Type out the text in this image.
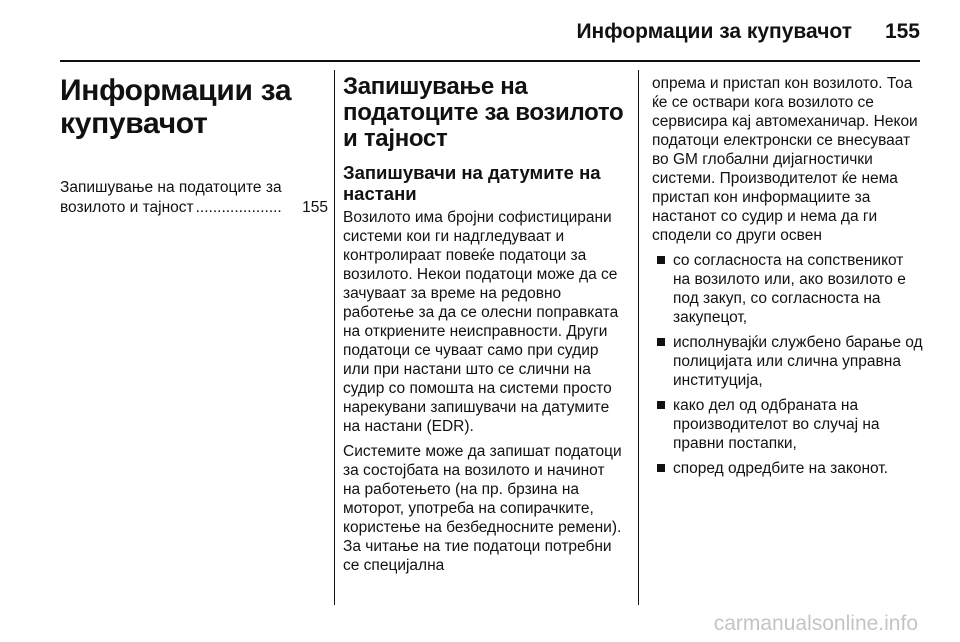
Информации за купувачот 155
Информации за купувачот
Запишување на податоците за
возилото и тајност ....................	155
Запишување на податоците за возилото и тајност
Запишувачи на датумите на настани

Возилото има бројни софистицирани системи кои ги надгледуваат и контролираат повеќе податоци за возилото. Некои податоци може да се зачуваат за време на редовно работење за да се олесни поправката на откриените неисправности. Други податоци се чуваат само при судир или при настани што се слични на судир со помошта на системи просто нарекувани запишувачи на датумите на настани (EDR).

Системите може да запишат податоци за состојбата на возилото и начинот на работењето (на пр. брзина на моторот, употреба на сопирачките, користење на безбедносните ремени). За читање на тие податоци потребни се специјална

опрема и пристап кон возилото. Тоа ќе се оствари кога возилото се сервисира кај автомеханичар. Некои податоци електронски се внесуваат во GM глобални дијагностички системи. Производителот ќе нема пристап кон информациите за настанот со судир и нема да ги сподели со други освен

со согласноста на сопственикот на возилото или, ако возилото е под закуп, со согласноста на закупецот,
исполнувајќи службено барање од полицијата или слична управна институција,
како дел од одбраната на производителот во случај на правни постапки,
според одредбите на законот.
carmanualsonline.info
